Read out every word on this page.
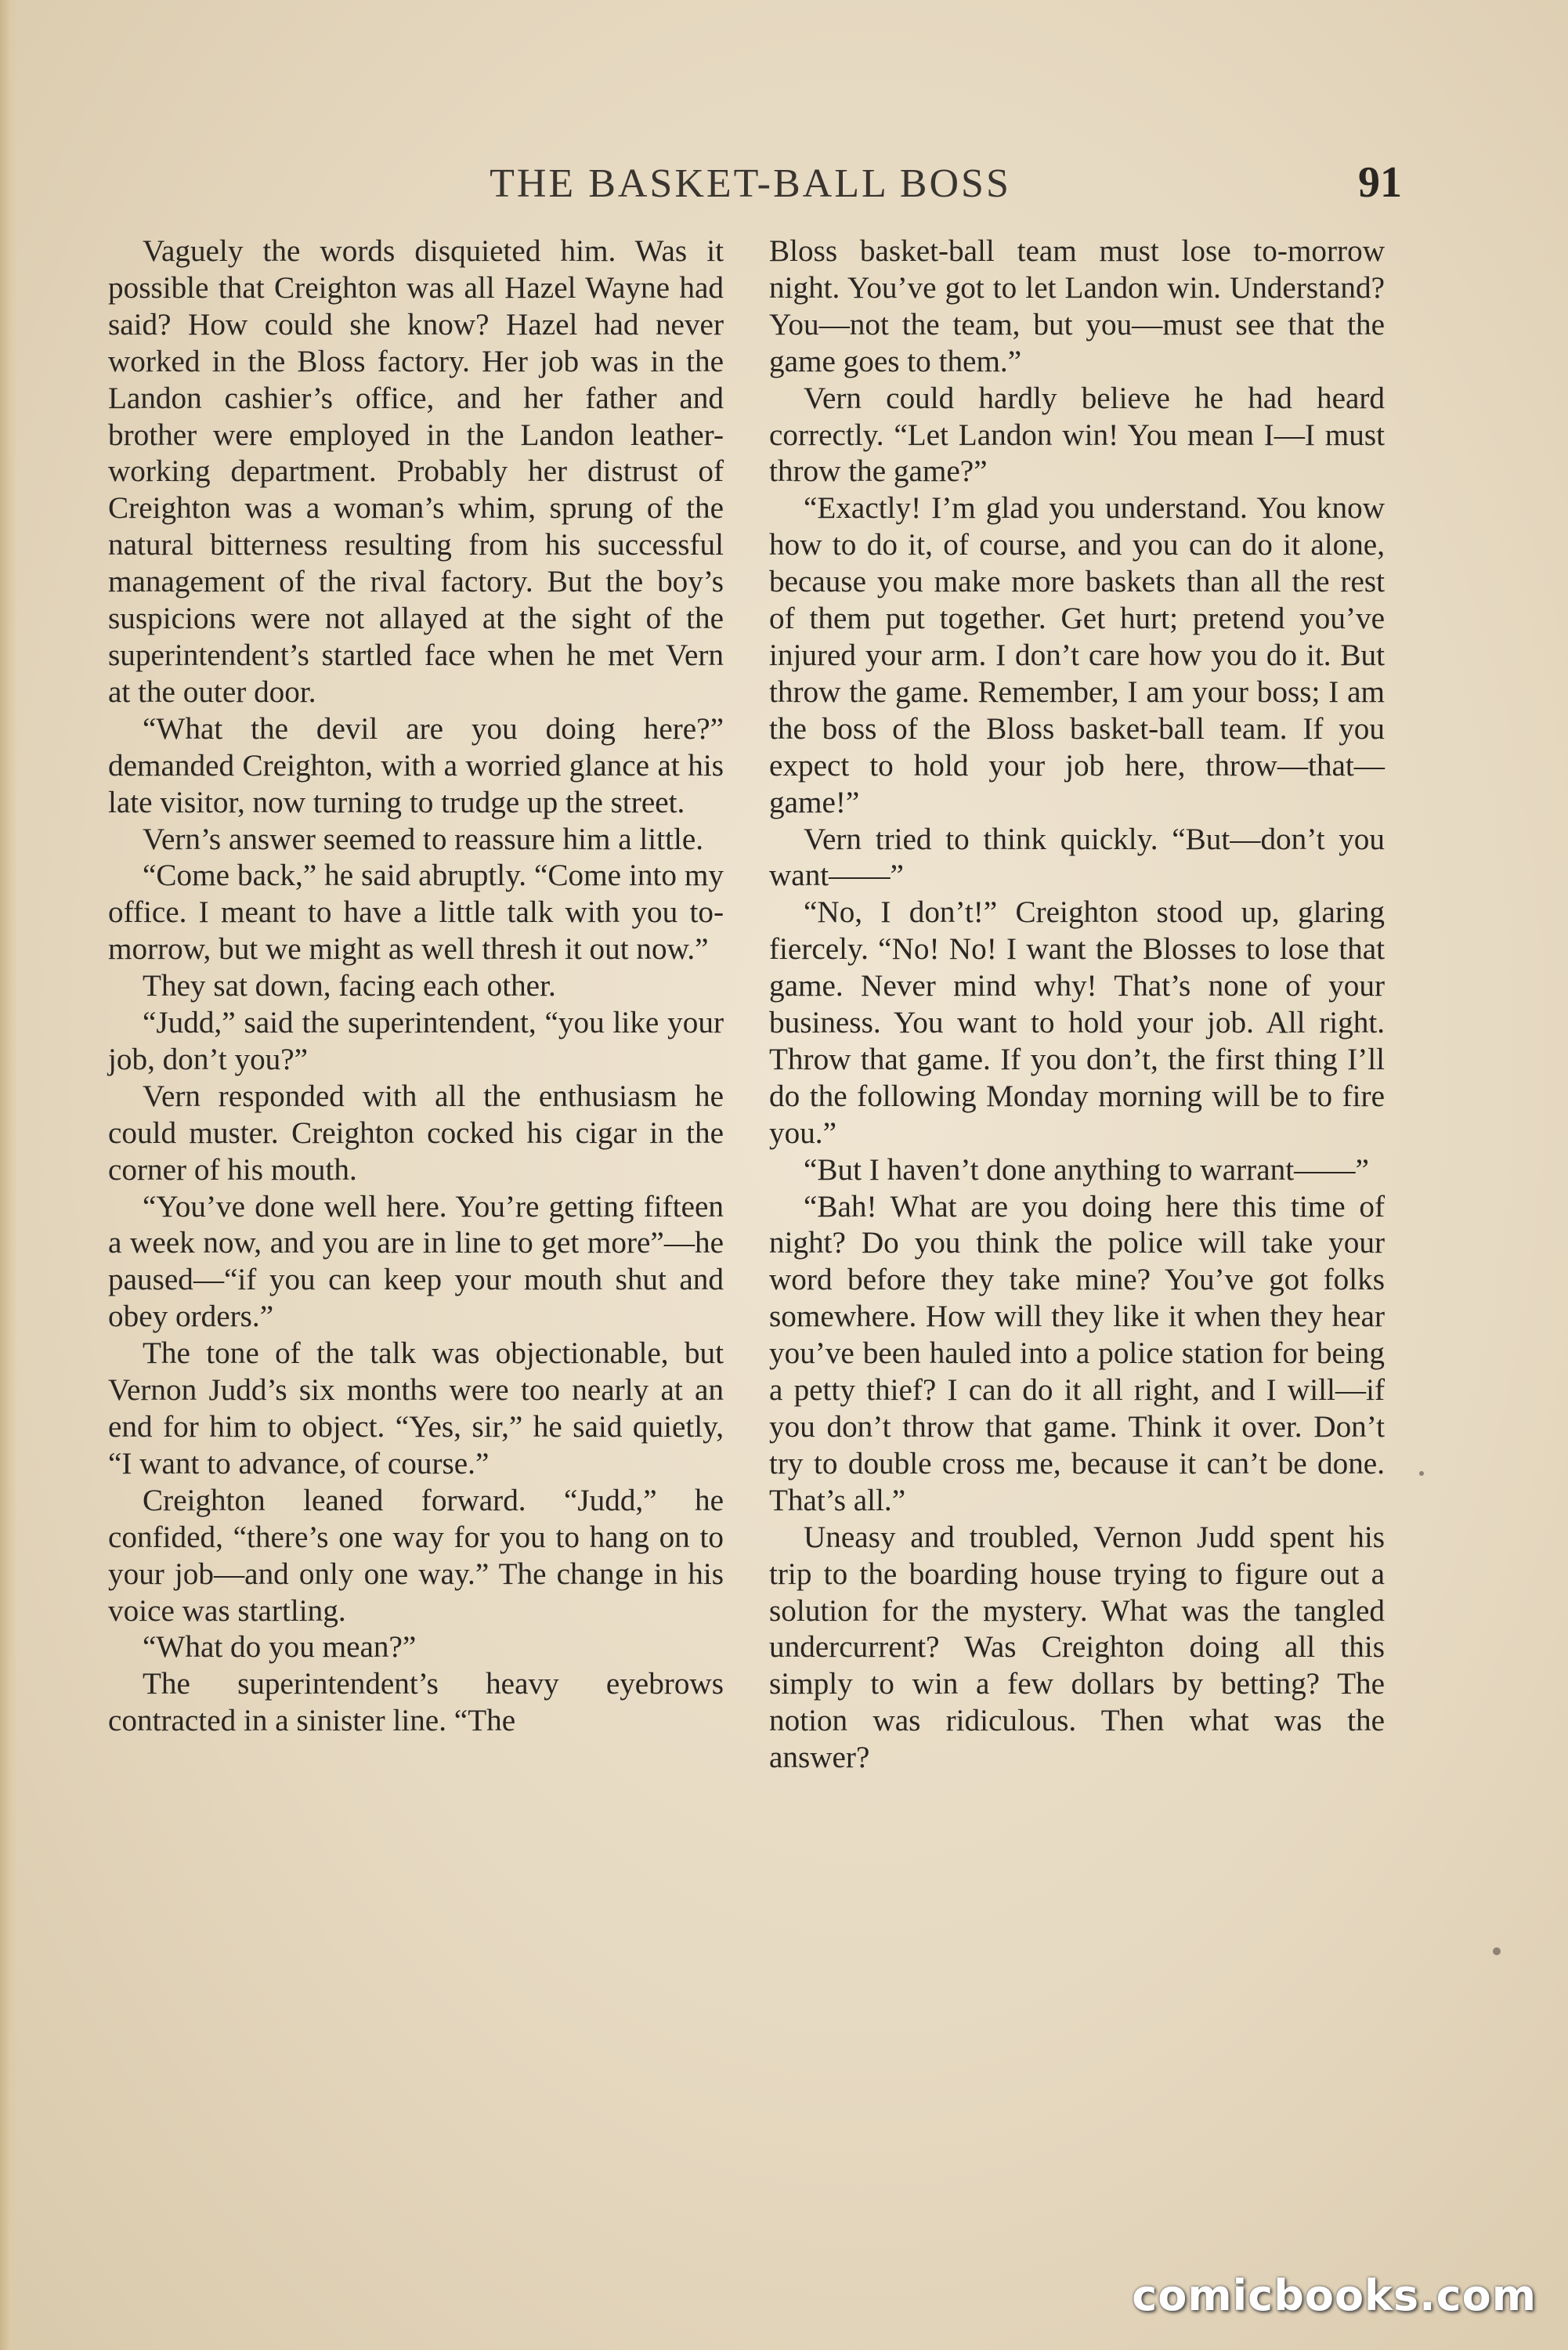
THE BASKET-BALL BOSS	91

Vaguely the words disquieted him. Was it possible that Creighton was all Hazel Wayne had said? How could she know? Hazel had never worked in the Bloss factory. Her job was in the Landon cashier’s office, and her father and brother were employed in the Landon leather-working department. Probably her distrust of Creighton was a woman’s whim, sprung of the natural bitterness resulting from his successful management of the rival factory. But the boy’s suspicions were not allayed at the sight of the superintendent’s startled face when he met Vern at the outer door.

“What the devil are you doing here?” demanded Creighton, with a worried glance at his late visitor, now turning to trudge up the street.

Vern’s answer seemed to reassure him a little.

“Come back,” he said abruptly. “Come into my office. I meant to have a little talk with you to-morrow, but we might as well thresh it out now.”

They sat down, facing each other.

“Judd,” said the superintendent, “you like your job, don’t you?”

Vern responded with all the enthusiasm he could muster. Creighton cocked his cigar in the corner of his mouth.

“You’ve done well here. You’re getting fifteen a week now, and you are in line to get more”—he paused—“if you can keep your mouth shut and obey orders.”

The tone of the talk was objectionable, but Vernon Judd’s six months were too nearly at an end for him to object. “Yes, sir,” he said quietly, “I want to advance, of course.”

Creighton leaned forward. “Judd,” he confided, “there’s one way for you to hang on to your job—and only one way.” The change in his voice was startling.

“What do you mean?”

The superintendent’s heavy eyebrows contracted in a sinister line. “The

Bloss basket-ball team must lose to-morrow night. You’ve got to let Landon win. Understand? You—not the team, but you—must see that the game goes to them.”

Vern could hardly believe he had heard correctly. “Let Landon win! You mean I—I must throw the game?”

“Exactly! I’m glad you understand. You know how to do it, of course, and you can do it alone, because you make more baskets than all the rest of them put together. Get hurt; pretend you’ve injured your arm. I don’t care how you do it. But throw the game. Remember, I am your boss; I am the boss of the Bloss basket-ball team. If you expect to hold your job here, throw—that—game!”

Vern tried to think quickly. “But—don’t you want——”

“No, I don’t!” Creighton stood up, glaring fiercely. “No! No! I want the Blosses to lose that game. Never mind why! That’s none of your business. You want to hold your job. All right. Throw that game. If you don’t, the first thing I’ll do the following Monday morning will be to fire you.”

“But I haven’t done anything to warrant——”

“Bah! What are you doing here this time of night? Do you think the police will take your word before they take mine? You’ve got folks somewhere. How will they like it when they hear you’ve been hauled into a police station for being a petty thief? I can do it all right, and I will—if you don’t throw that game. Think it over. Don’t try to double cross me, because it can’t be done. That’s all.”

Uneasy and troubled, Vernon Judd spent his trip to the boarding house trying to figure out a solution for the mystery. What was the tangled undercurrent? Was Creighton doing all this simply to win a few dollars by betting? The notion was ridiculous. Then what was the answer?

comicbooks.com
